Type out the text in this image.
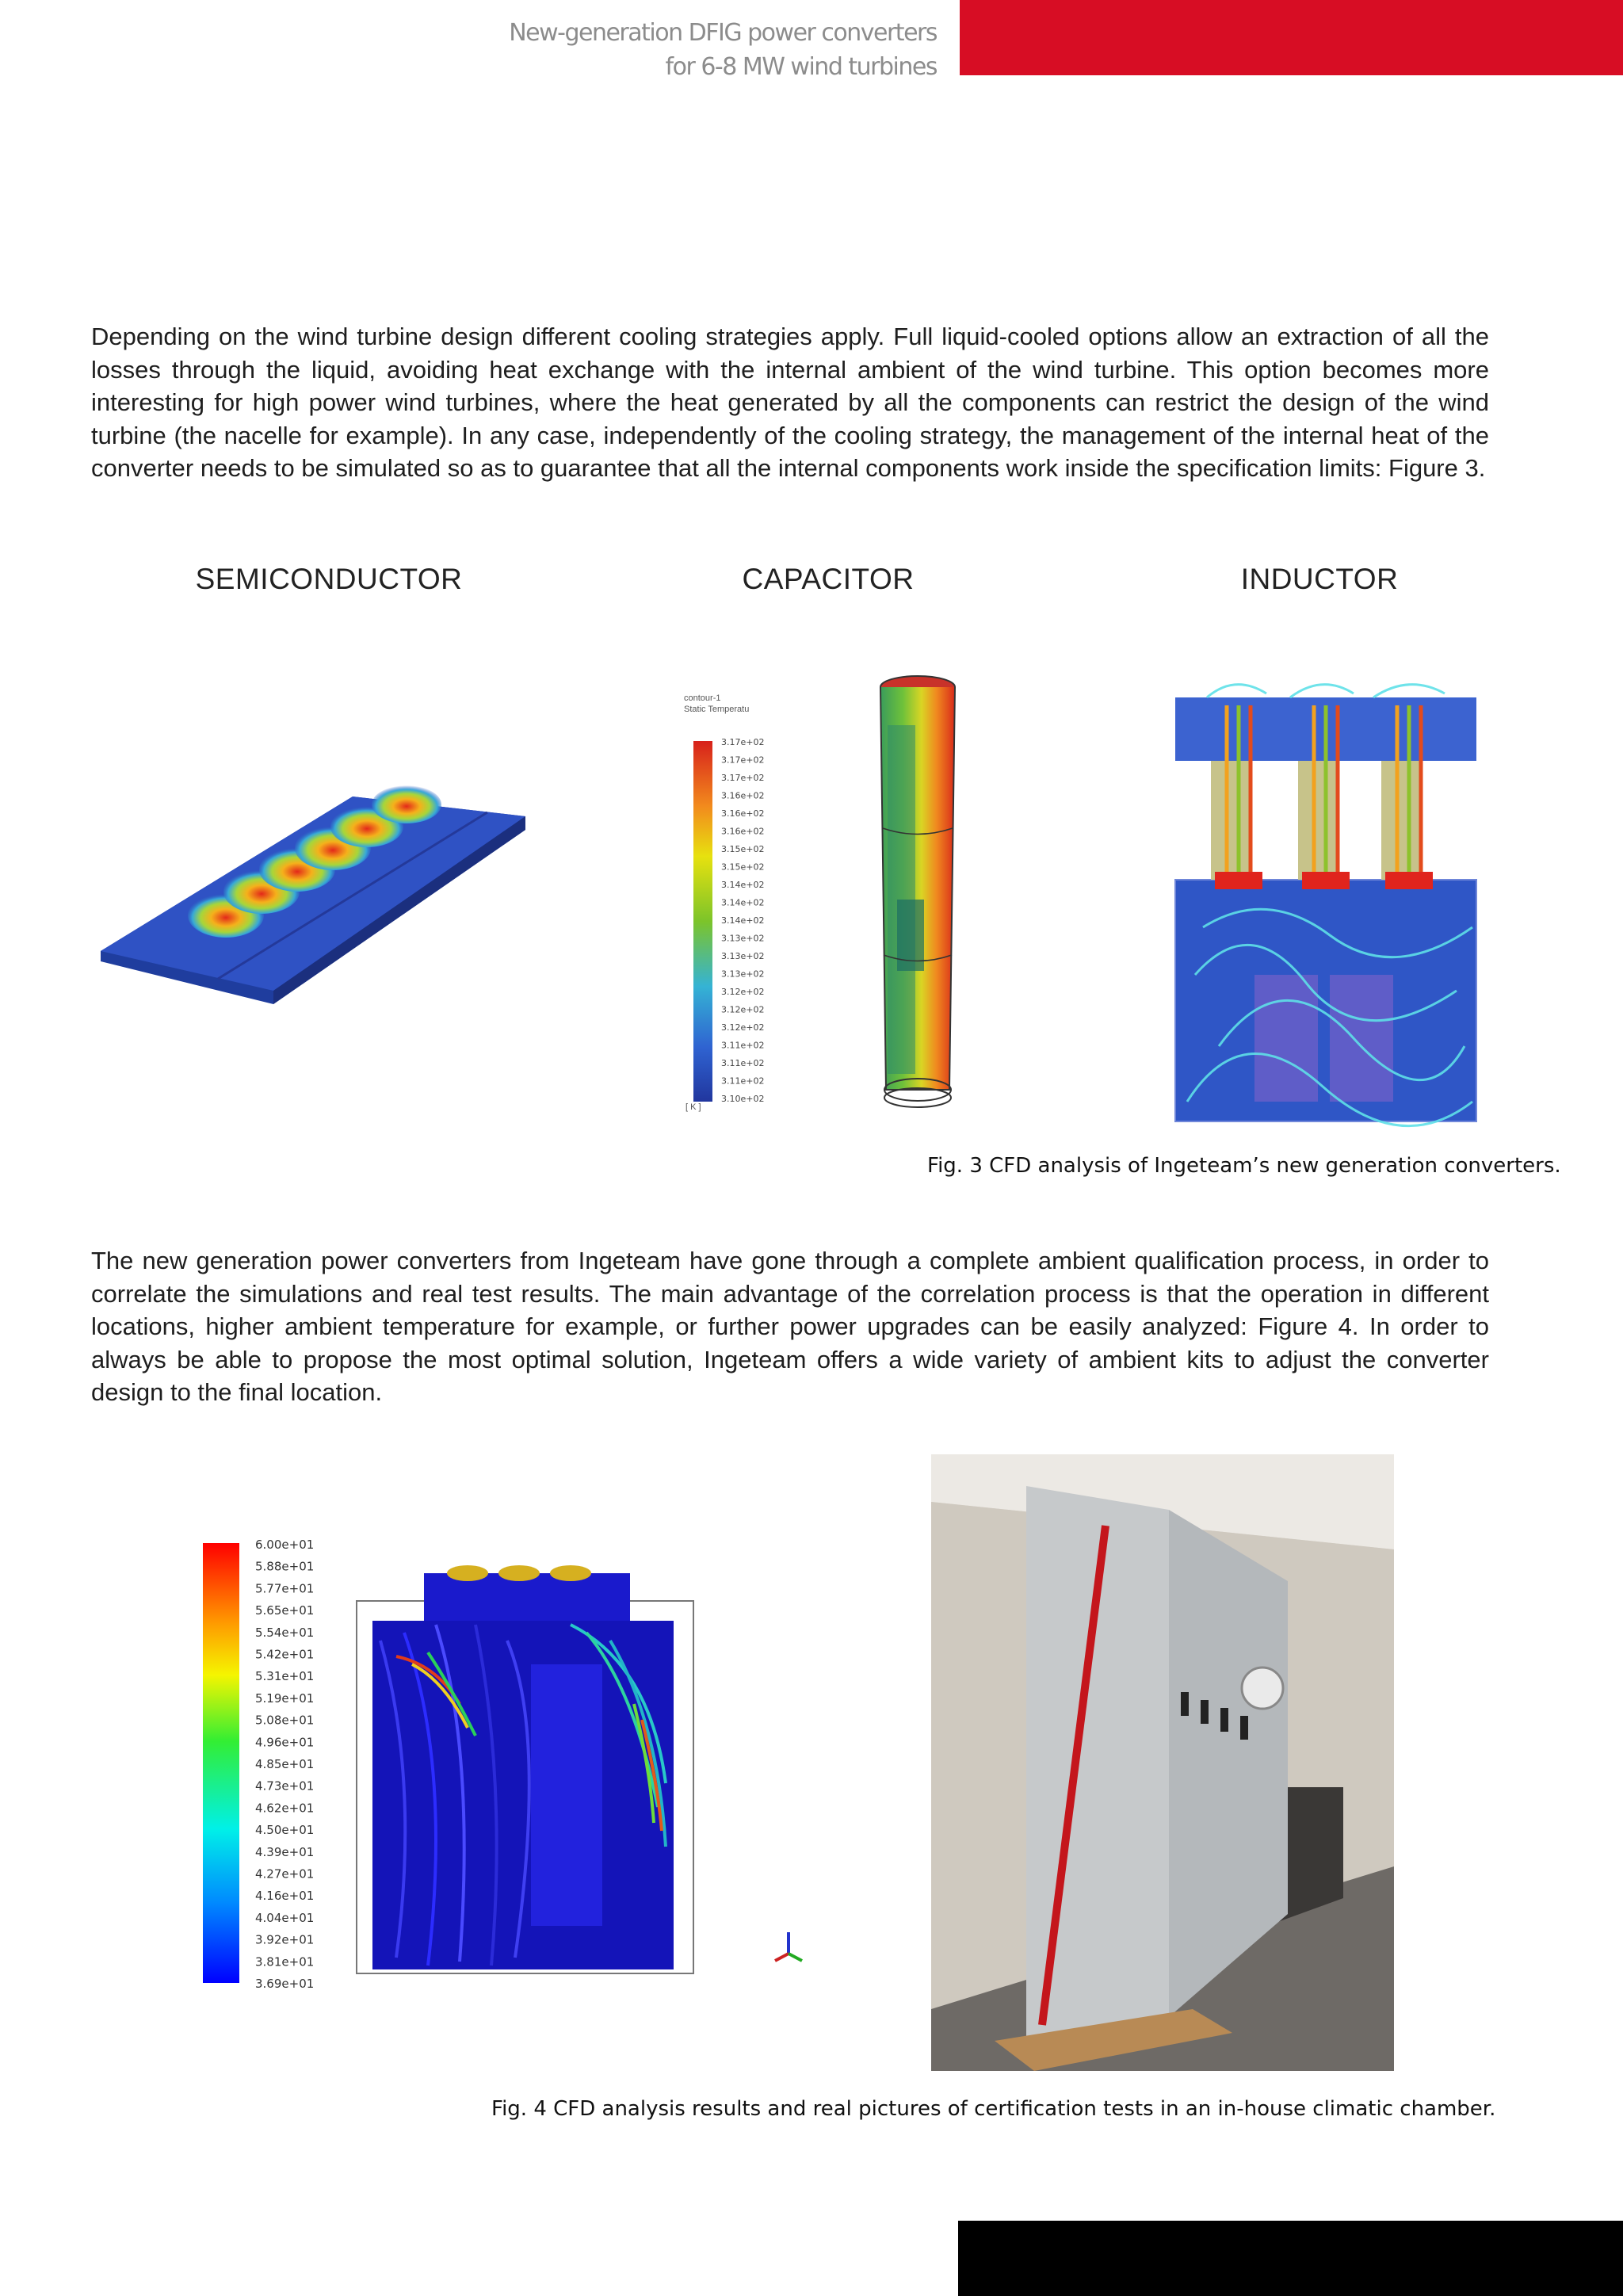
New-generation DFIG power converters
for 6-8 MW wind turbines
Depending on the wind turbine design different cooling strategies apply. Full liquid-cooled options allow an extraction of all the losses through the liquid, avoiding heat exchange with the internal ambient of the wind turbine. This option becomes more interesting for high power wind turbines, where the heat generated by all the components can restrict the design of the wind turbine (the nacelle for example). In any case, independently of the cooling strategy, the management of the internal heat of the converter needs to be simulated so as to guarantee that all the internal components work inside the specification limits: Figure 3.
SEMICONDUCTOR	CAPACITOR	INDUCTOR
contour-1
Static Temperatu
3.17e+02
3.17e+02
3.17e+02
3.16e+02
3.16e+02
3.16e+02
3.15e+02
3.15e+02
3.14e+02
3.14e+02
3.14e+02
3.13e+02
3.13e+02
3.13e+02
3.12e+02
3.12e+02
3.12e+02
3.11e+02
3.11e+02
3.11e+02
3.10e+02
[ K ]
Fig. 3 CFD analysis of Ingeteam’s new generation converters.
The new generation power converters from Ingeteam have gone through a complete ambient qualification process, in order to correlate the simulations and real test results. The main advantage of the correlation process is that the operation in different locations, higher ambient temperature for example, or further power upgrades can be easily analyzed: Figure 4. In order to always be able to propose the most optimal solution, Ingeteam offers a wide variety of ambient kits to adjust the converter design to the final location.
6.00e+01
5.88e+01
5.77e+01
5.65e+01
5.54e+01
5.42e+01
5.31e+01
5.19e+01
5.08e+01
4.96e+01
4.85e+01
4.73e+01
4.62e+01
4.50e+01
4.39e+01
4.27e+01
4.16e+01
4.04e+01
3.92e+01
3.81e+01
3.69e+01
Fig. 4 CFD analysis results and real pictures of certification tests in an in-house climatic chamber.
